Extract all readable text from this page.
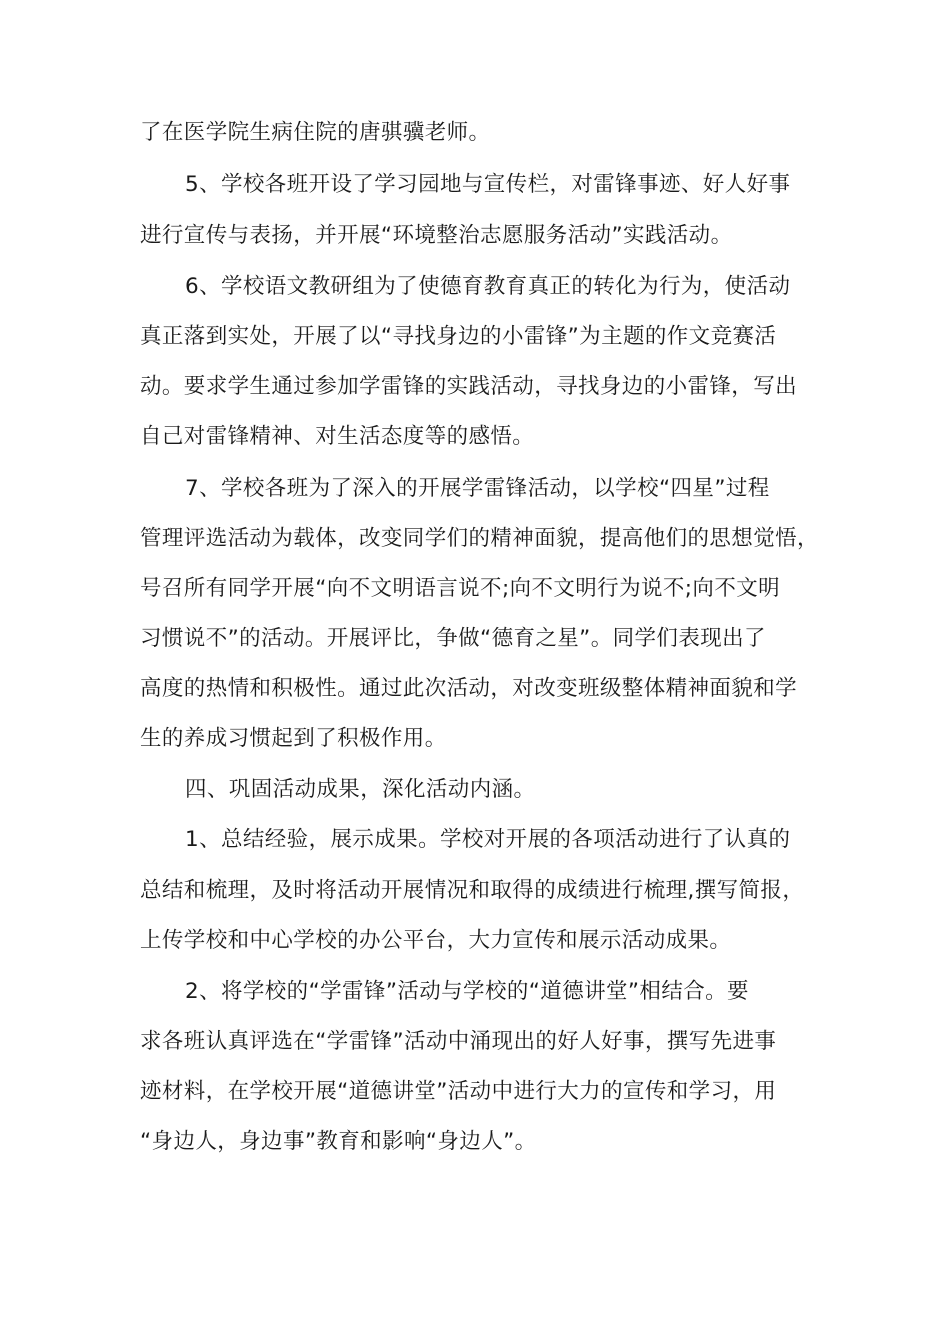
了在医学院生病住院的唐骐骥老师。
5、学校各班开设了学习园地与宣传栏，对雷锋事迹、好人好事
进行宣传与表扬，并开展“环境整治志愿服务活动”实践活动。
6、学校语文教研组为了使德育教育真正的转化为行为，使活动
真正落到实处，开展了以“寻找身边的小雷锋”为主题的作文竞赛活
动。要求学生通过参加学雷锋的实践活动，寻找身边的小雷锋，写出
自己对雷锋精神、对生活态度等的感悟。
7、学校各班为了深入的开展学雷锋活动，以学校“四星”过程
管理评选活动为载体，改变同学们的精神面貌，提高他们的思想觉悟，
号召所有同学开展“向不文明语言说不;向不文明行为说不;向不文明
习惯说不”的活动。开展评比，争做“德育之星”。同学们表现出了
高度的热情和积极性。通过此次活动，对改变班级整体精神面貌和学
生的养成习惯起到了积极作用。
四、巩固活动成果，深化活动内涵。
1、总结经验，展示成果。学校对开展的各项活动进行了认真的
总结和梳理，及时将活动开展情况和取得的成绩进行梳理,撰写简报，
上传学校和中心学校的办公平台，大力宣传和展示活动成果。
2、将学校的“学雷锋”活动与学校的“道德讲堂”相结合。要
求各班认真评选在“学雷锋”活动中涌现出的好人好事，撰写先进事
迹材料，在学校开展“道德讲堂”活动中进行大力的宣传和学习，用
“身边人，身边事”教育和影响“身边人”。
